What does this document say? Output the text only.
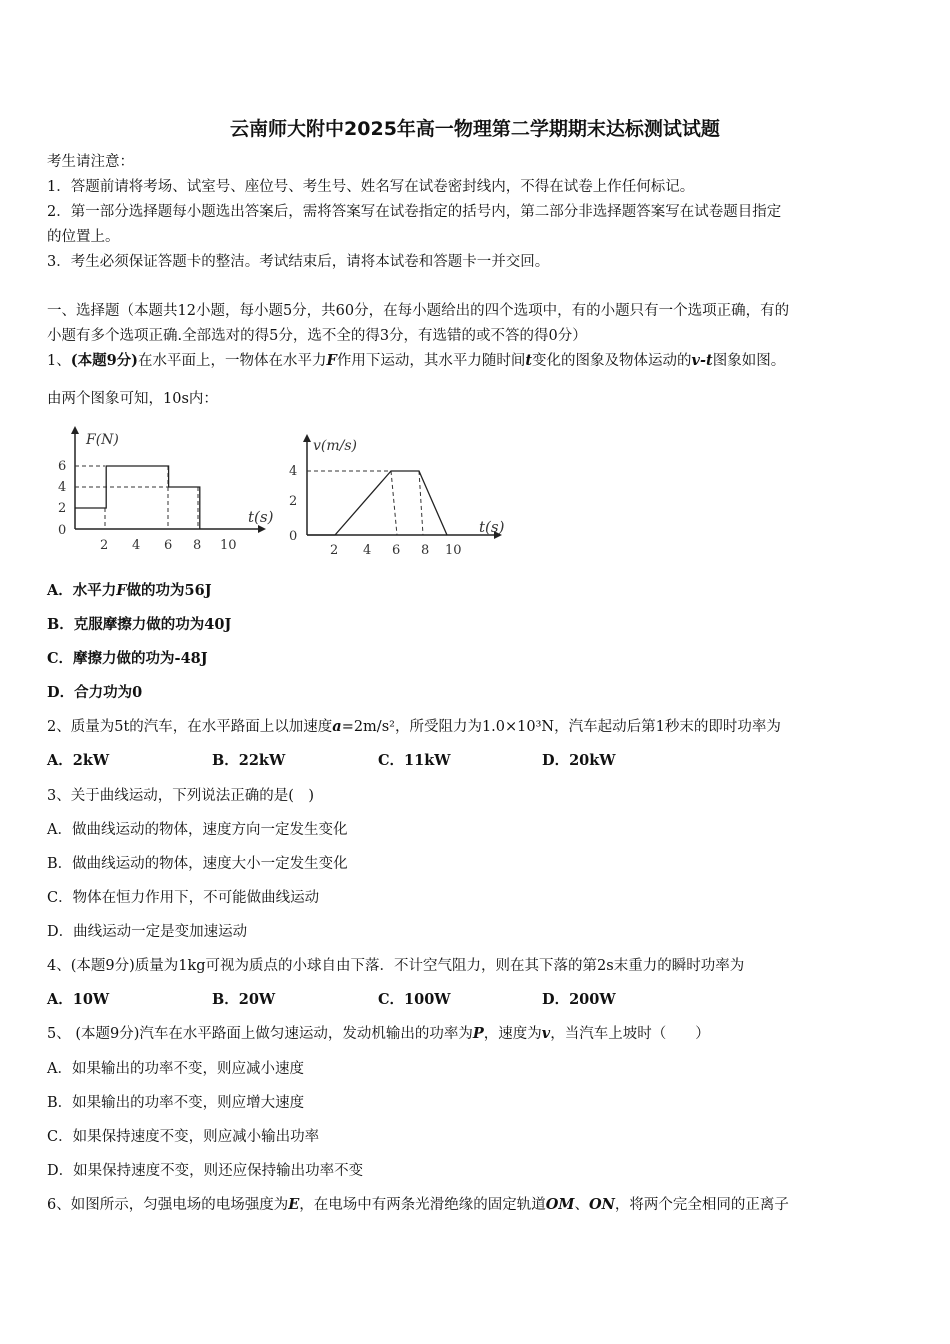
云南师大附中2025年高一物理第二学期期末达标测试试题
考生请注意：
1．答题前请将考场、试室号、座位号、考生号、姓名写在试卷密封线内，不得在试卷上作任何标记。
2．第一部分选择题每小题选出答案后，需将答案写在试卷指定的括号内，第二部分非选择题答案写在试卷题目指定
的位置上。
3．考生必须保证答题卡的整洁。考试结束后，请将本试卷和答题卡一并交回。
一、选择题（本题共12小题，每小题5分，共60分，在每小题给出的四个选项中，有的小题只有一个选项正确，有的
小题有多个选项正确.全部选对的得5分，选不全的得3分，有选错的或不答的得0分）
1、(本题9分)在水平面上，一物体在水平力F作用下运动，其水平力随时间t变化的图象及物体运动的v-t图象如图。
由两个图象可知，10s内：
F(N)
t(s)
6
4
2
0
2 4 6 8 10
v(m/s)
t(s)
4
2
0
2 4 6 8 10
A．水平力F做的功为56J
B．克服摩擦力做的功为40J
C．摩擦力做的功为-48J
D．合力功为0
2、质量为5t的汽车，在水平路面上以加速度a=2m/s²，所受阻力为1.0×10³N，汽车起动后第1秒末的即时功率为
A．2kW	B．22kW	C．11kW	D．20kW
3、关于曲线运动，下列说法正确的是(　)
A．做曲线运动的物体，速度方向一定发生变化
B．做曲线运动的物体，速度大小一定发生变化
C．物体在恒力作用下，不可能做曲线运动
D．曲线运动一定是变加速运动
4、(本题9分)质量为1kg可视为质点的小球自由下落．不计空气阻力，则在其下落的第2s末重力的瞬时功率为
A．10W	B．20W	C．100W	D．200W
5、 (本题9分)汽车在水平路面上做匀速运动，发动机输出的功率为P，速度为v，当汽车上坡时（　　）
A．如果输出的功率不变，则应减小速度
B．如果输出的功率不变，则应增大速度
C．如果保持速度不变，则应减小输出功率
D．如果保持速度不变，则还应保持输出功率不变
6、如图所示，匀强电场的电场强度为E，在电场中有两条光滑绝缘的固定轨道OM、ON，将两个完全相同的正离子
